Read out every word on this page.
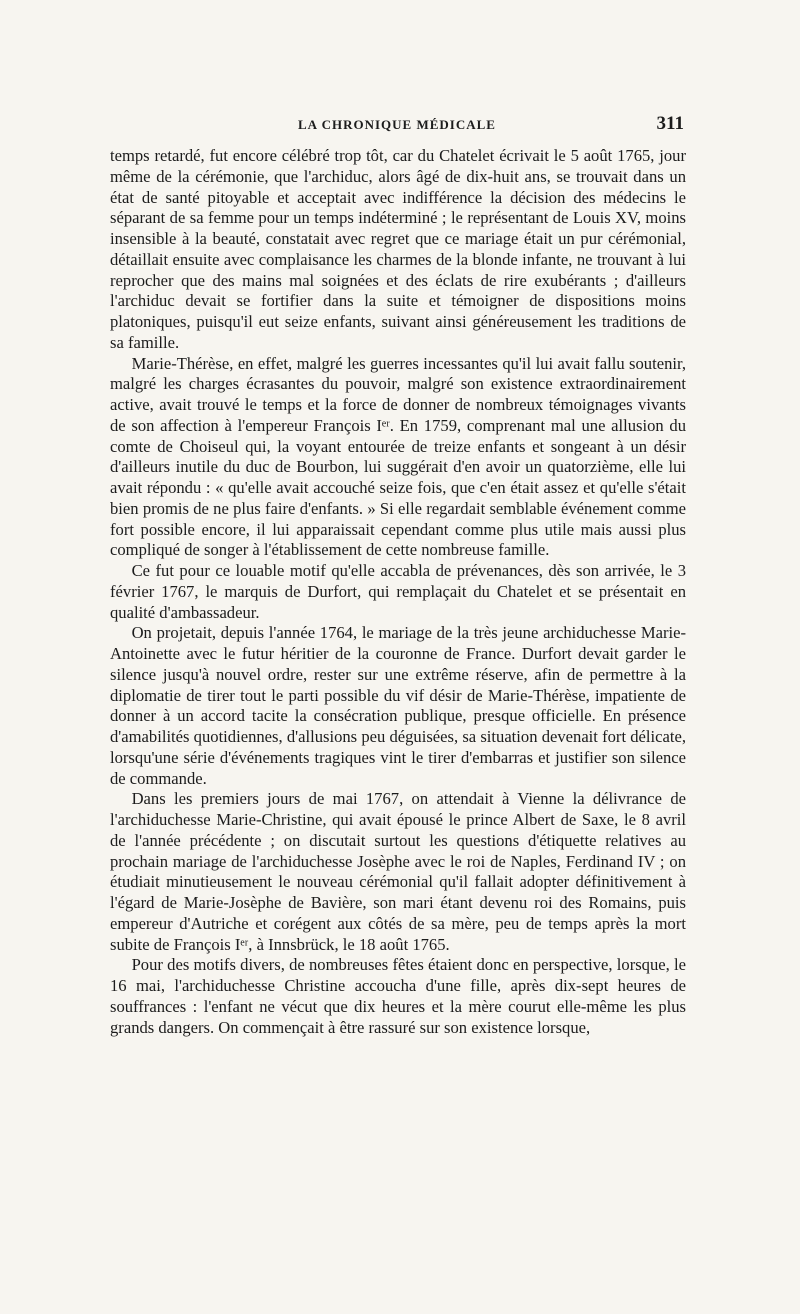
LA CHRONIQUE MÉDICALE	311

temps retardé, fut encore célébré trop tôt, car du Chatelet écrivait le 5 août 1765, jour même de la cérémonie, que l'archiduc, alors âgé de dix-huit ans, se trouvait dans un état de santé pitoyable et acceptait avec indifférence la décision des médecins le séparant de sa femme pour un temps indéterminé ; le représentant de Louis XV, moins insensible à la beauté, constatait avec regret que ce mariage était un pur cérémonial, détaillait ensuite avec complaisance les charmes de la blonde infante, ne trouvant à lui reprocher que des mains mal soignées et des éclats de rire exubérants ; d'ailleurs l'archiduc devait se fortifier dans la suite et témoigner de dispositions moins platoniques, puisqu'il eut seize enfants, suivant ainsi généreusement les traditions de sa famille.

Marie-Thérèse, en effet, malgré les guerres incessantes qu'il lui avait fallu soutenir, malgré les charges écrasantes du pouvoir, malgré son existence extraordinairement active, avait trouvé le temps et la force de donner de nombreux témoignages vivants de son affection à l'empereur François Iᵉʳ. En 1759, comprenant mal une allusion du comte de Choiseul qui, la voyant entourée de treize enfants et songeant à un désir d'ailleurs inutile du duc de Bourbon, lui suggérait d'en avoir un quatorzième, elle lui avait répondu : « qu'elle avait accouché seize fois, que c'en était assez et qu'elle s'était bien promis de ne plus faire d'enfants. » Si elle regardait semblable événement comme fort possible encore, il lui apparaissait cependant comme plus utile mais aussi plus compliqué de songer à l'établissement de cette nombreuse famille.

Ce fut pour ce louable motif qu'elle accabla de prévenances, dès son arrivée, le 3 février 1767, le marquis de Durfort, qui remplaçait du Chatelet et se présentait en qualité d'ambassadeur.

On projetait, depuis l'année 1764, le mariage de la très jeune archiduchesse Marie-Antoinette avec le futur héritier de la couronne de France. Durfort devait garder le silence jusqu'à nouvel ordre, rester sur une extrême réserve, afin de permettre à la diplomatie de tirer tout le parti possible du vif désir de Marie-Thérèse, impatiente de donner à un accord tacite la consécration publique, presque officielle. En présence d'amabilités quotidiennes, d'allusions peu déguisées, sa situation devenait fort délicate, lorsqu'une série d'événements tragiques vint le tirer d'embarras et justifier son silence de commande.

Dans les premiers jours de mai 1767, on attendait à Vienne la délivrance de l'archiduchesse Marie-Christine, qui avait épousé le prince Albert de Saxe, le 8 avril de l'année précédente ; on discutait surtout les questions d'étiquette relatives au prochain mariage de l'archiduchesse Josèphe avec le roi de Naples, Ferdinand IV ; on étudiait minutieusement le nouveau cérémonial qu'il fallait adopter définitivement à l'égard de Marie-Josèphe de Bavière, son mari étant devenu roi des Romains, puis empereur d'Autriche et corégent aux côtés de sa mère, peu de temps après la mort subite de François Iᵉʳ, à Innsbrück, le 18 août 1765.

Pour des motifs divers, de nombreuses fêtes étaient donc en perspective, lorsque, le 16 mai, l'archiduchesse Christine accoucha d'une fille, après dix-sept heures de souffrances : l'enfant ne vécut que dix heures et la mère courut elle-même les plus grands dangers. On commençait à être rassuré sur son existence lorsque,
